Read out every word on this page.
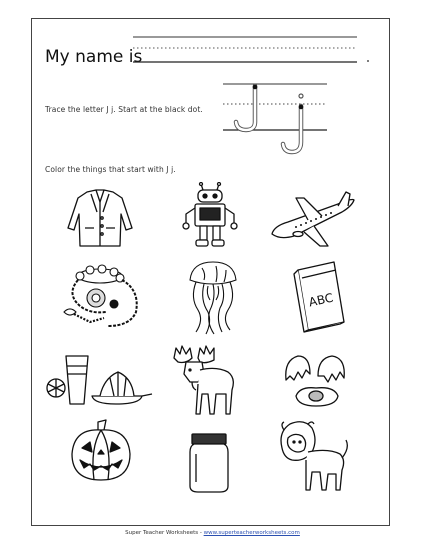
My name is
Trace the letter J j. Start at the black dot.
Color the things that start with J j.
ABC
Super Teacher Worksheets - www.superteacherworksheets.com
